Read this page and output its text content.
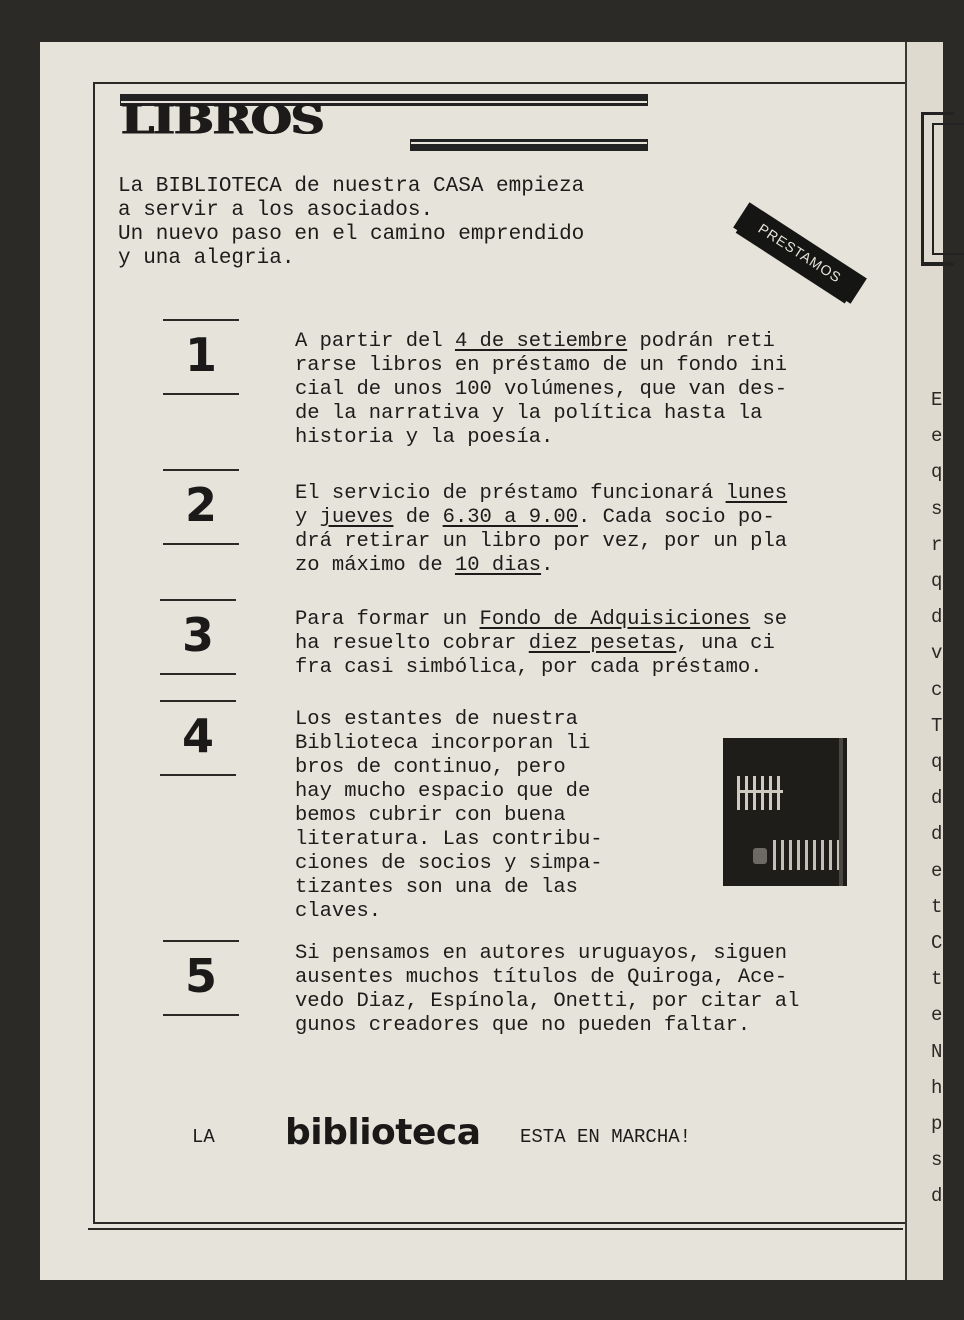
LIBROS
La BIBLIOTECA de nuestra CASA empieza
a servir a los asociados.
Un nuevo paso en el camino emprendido
y una alegria.	PRESTAMOS
1	A partir del 4 de setiembre podrán reti
rarse libros en préstamo de un fondo ini
cial de unos 100 volúmenes, que van des-
de la narrativa y la política hasta la
historia y la poesía.
2	El servicio de préstamo funcionará lunes
y jueves de 6.30 a 9.00. Cada socio po-
drá retirar un libro por vez, por un pla
zo máximo de 10 dias.
3	Para formar un Fondo de Adquisiciones se
ha resuelto cobrar diez pesetas, una ci
fra casi simbólica, por cada préstamo.
4	Los estantes de nuestra
Biblioteca incorporan li
bros de continuo, pero
hay mucho espacio que de
bemos cubrir con buena
literatura. Las contribu-
ciones de socios y simpa-
tizantes son una de las
claves.
5	Si pensamos en autores uruguayos, siguen
ausentes muchos títulos de Quiroga, Ace-
vedo Diaz, Espínola, Onetti, por citar al
gunos creadores que no pueden faltar.
LA biblioteca ESTA EN MARCHA!
E
e
q
s
r
q
d
v
c
T
q
d
d
e
t
C
t
e
N
h
p
s
d
